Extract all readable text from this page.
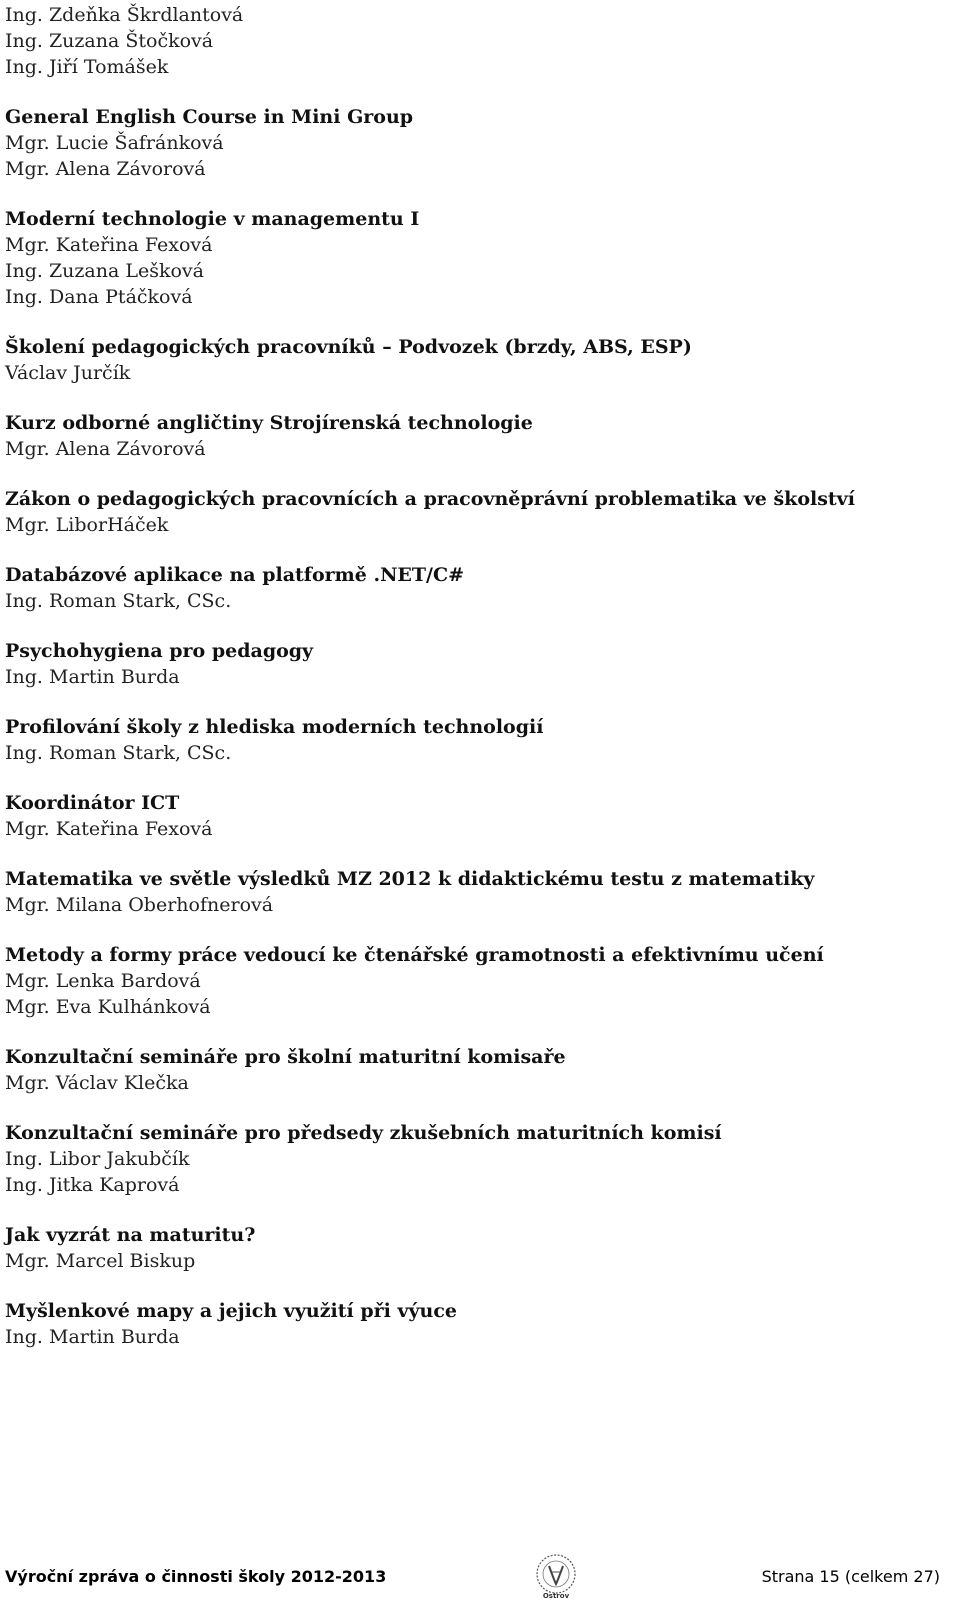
Ing. Zdeňka Škrdlantová
Ing. Zuzana Štočková
Ing. Jiří Tomášek
General English Course in Mini Group
Mgr. Lucie Šafránková
Mgr. Alena Závorová
Moderní technologie v managementu I
Mgr. Kateřina Fexová
Ing. Zuzana Lešková
Ing. Dana Ptáčková
Školení pedagogických pracovníků – Podvozek (brzdy, ABS, ESP)
Václav Jurčík
Kurz odborné angličtiny Strojírenská technologie
Mgr. Alena Závorová
Zákon o pedagogických pracovnících a pracovněprávní problematika ve školství
Mgr. LiborHáček
Databázové aplikace na platformě .NET/C#
Ing. Roman Stark, CSc.
Psychohygiena pro pedagogy
Ing. Martin Burda
Profilování školy z hlediska moderních technologií
Ing. Roman Stark, CSc.
Koordinátor ICT
Mgr. Kateřina Fexová
Matematika ve světle výsledků MZ 2012 k didaktickému testu z matematiky
Mgr. Milana Oberhofnerová
Metody a formy práce vedoucí ke čtenářské gramotnosti a efektivnímu učení
Mgr. Lenka Bardová
Mgr. Eva Kulhánková
Konzultační semináře pro školní maturitní komisaře
Mgr. Václav Klečka
Konzultační semináře pro předsedy zkušebních maturitních komisí
Ing. Libor Jakubčík
Ing. Jitka Kaprová
Jak vyzrát na maturitu?
Mgr. Marcel Biskup
Myšlenkové mapy a jejich využití při výuce
Ing. Martin Burda
Výroční zpráva o činnosti školy 2012-2013
Ostrov
Strana 15 (celkem 27)
